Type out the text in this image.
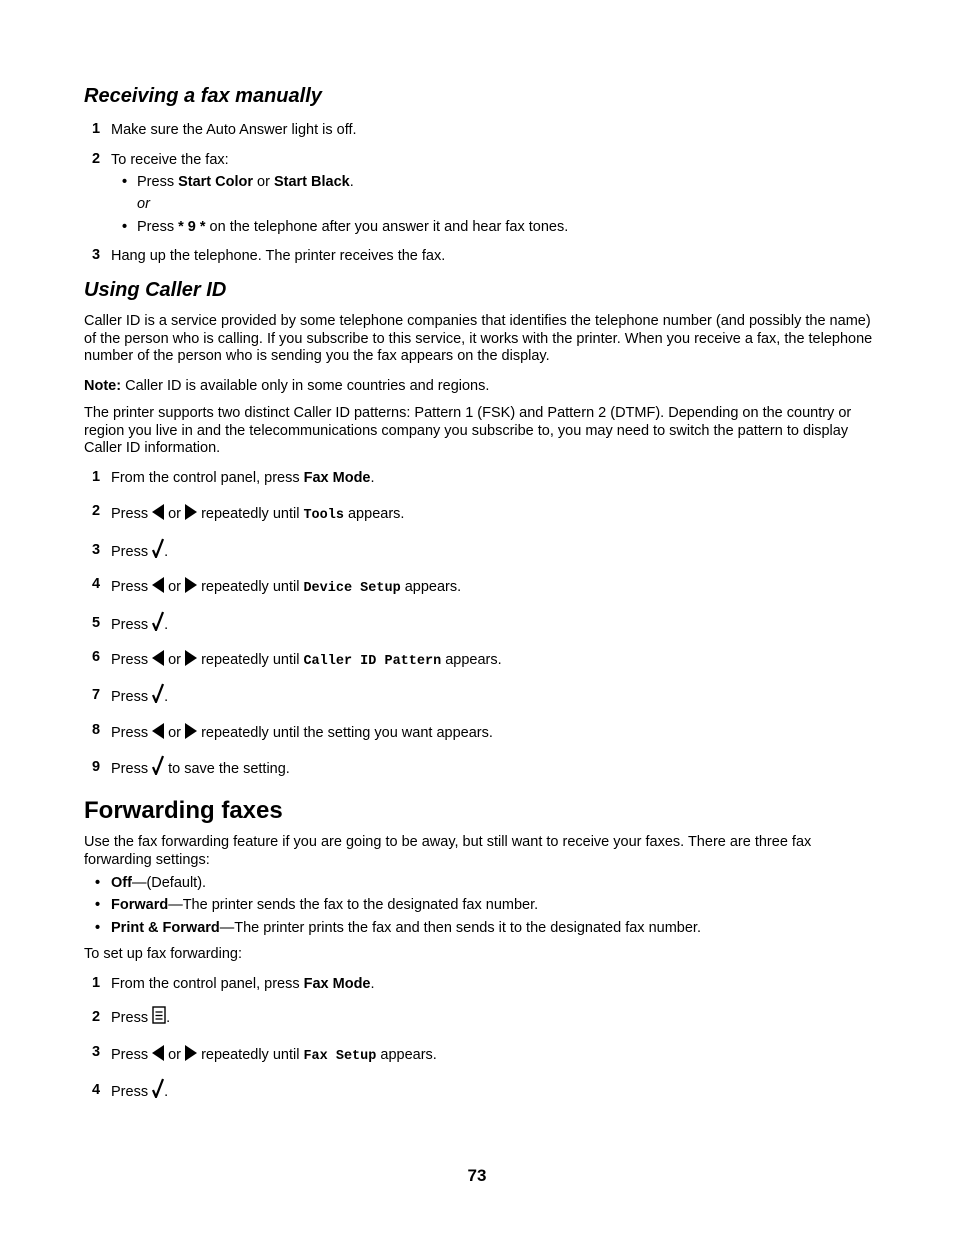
Receiving a fax manually
1 Make sure the Auto Answer light is off.
2 To receive the fax:
• Press Start Color or Start Black.
or
• Press * 9 * on the telephone after you answer it and hear fax tones.
3 Hang up the telephone. The printer receives the fax.
Using Caller ID
Caller ID is a service provided by some telephone companies that identifies the telephone number (and possibly the name) of the person who is calling. If you subscribe to this service, it works with the printer. When you receive a fax, the telephone number of the person who is sending you the fax appears on the display.
Note: Caller ID is available only in some countries and regions.
The printer supports two distinct Caller ID patterns: Pattern 1 (FSK) and Pattern 2 (DTMF). Depending on the country or region you live in and the telecommunications company you subscribe to, you may need to switch the pattern to display Caller ID information.
1 From the control panel, press Fax Mode.
2 Press  or  repeatedly until Tools appears.
3 Press .
4 Press  or  repeatedly until Device Setup appears.
5 Press .
6 Press  or  repeatedly until Caller ID Pattern appears.
7 Press .
8 Press  or  repeatedly until the setting you want appears.
9 Press  to save the setting.
Forwarding faxes
Use the fax forwarding feature if you are going to be away, but still want to receive your faxes. There are three fax forwarding settings:
• Off—(Default).
• Forward—The printer sends the fax to the designated fax number.
• Print & Forward—The printer prints the fax and then sends it to the designated fax number.
To set up fax forwarding:
1 From the control panel, press Fax Mode.
2 Press .
3 Press  or  repeatedly until Fax Setup appears.
4 Press .
73
